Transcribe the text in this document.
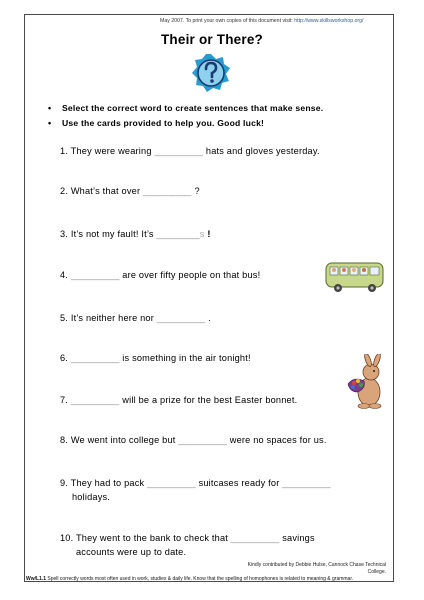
May 2007. To print your own copies of this document visit: http://www.skillsworkshop.org/
Their or There?
•	Select the correct word to create sentences that make sense.
•	Use the cards provided to help you. Good luck!
1. They were wearing _________ hats and gloves yesterday.
2. What’s that over _________ ?
3. It’s not my fault! It’s ________s !
4. _________ are over fifty people on that bus!
5. It’s neither here nor _________ .
6. _________ is something in the air tonight!
7. _________ will be a prize for the best Easter bonnet.
8. We went into college but _________ were no spaces for us.
9. They had to pack _________ suitcases ready for _________
holidays.
10. They went to the bank to check that _________ savings
accounts were up to date.
Kindly contributed by Debbie Hulse, Cannock Chase Technical College.
Ww/L1.1 Spell correctly words most often used in work, studies & daily life. Know that the spelling of homophones is related to meaning & grammar.
